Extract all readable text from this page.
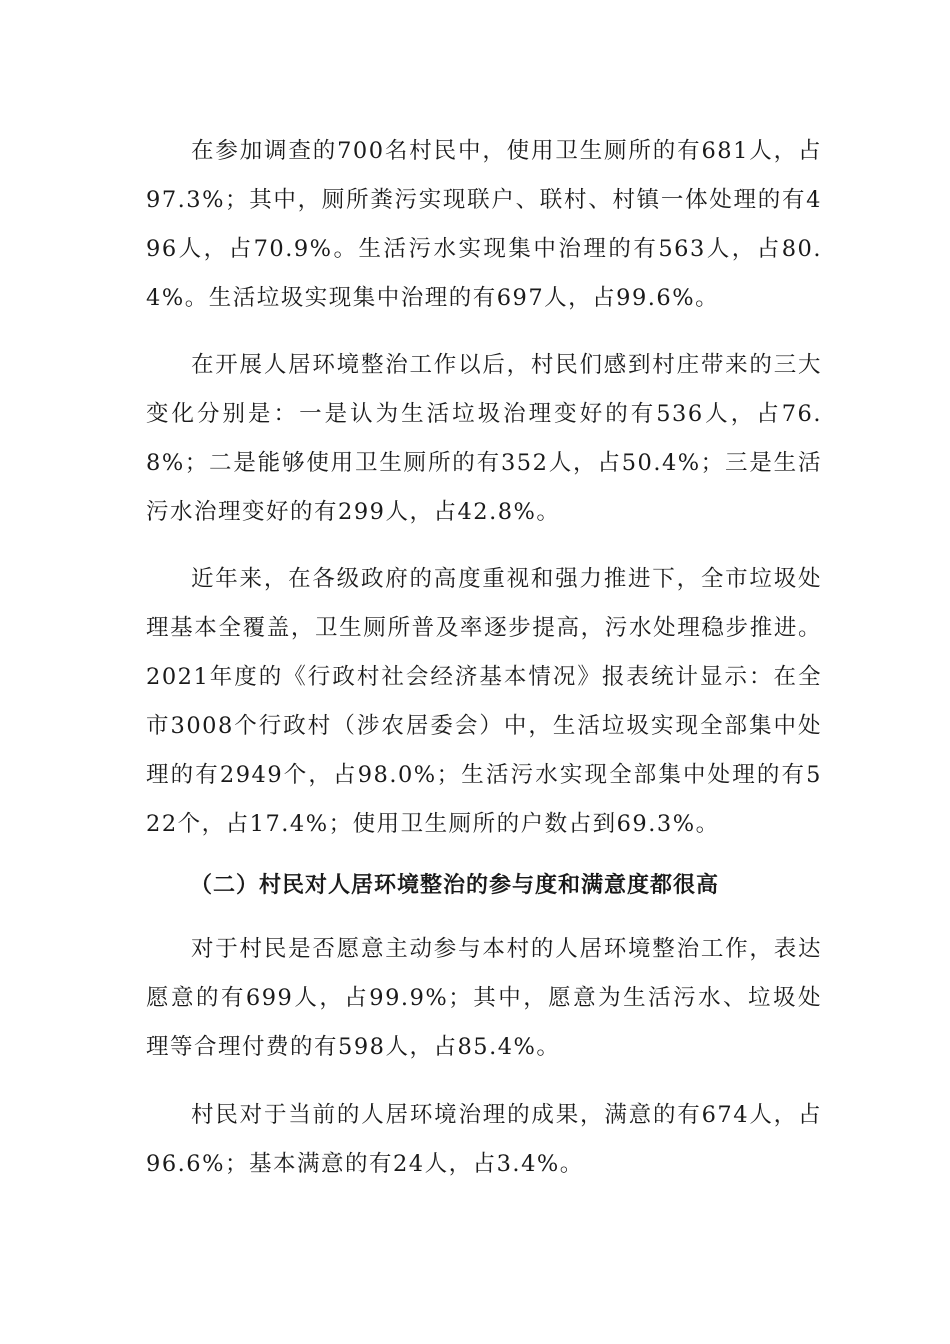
在参加调查的700名村民中，使用卫生厕所的有681人，占97.3%；其中，厕所粪污实现联户、联村、村镇一体处理的有496人，占70.9%。生活污水实现集中治理的有563人，占80.4%。生活垃圾实现集中治理的有697人，占99.6%。

在开展人居环境整治工作以后，村民们感到村庄带来的三大变化分别是：一是认为生活垃圾治理变好的有536人，占76.8%；二是能够使用卫生厕所的有352人，占50.4%；三是生活污水治理变好的有299人，占42.8%。

近年来，在各级政府的高度重视和强力推进下，全市垃圾处理基本全覆盖，卫生厕所普及率逐步提高，污水处理稳步推进。2021年度的《行政村社会经济基本情况》报表统计显示：在全市3008个行政村（涉农居委会）中，生活垃圾实现全部集中处理的有2949个，占98.0%；生活污水实现全部集中处理的有522个，占17.4%；使用卫生厕所的户数占到69.3%。

（二）村民对人居环境整治的参与度和满意度都很高

对于村民是否愿意主动参与本村的人居环境整治工作，表达愿意的有699人，占99.9%；其中，愿意为生活污水、垃圾处理等合理付费的有598人，占85.4%。

村民对于当前的人居环境治理的成果，满意的有674人，占96.6%；基本满意的有24人，占3.4%。
